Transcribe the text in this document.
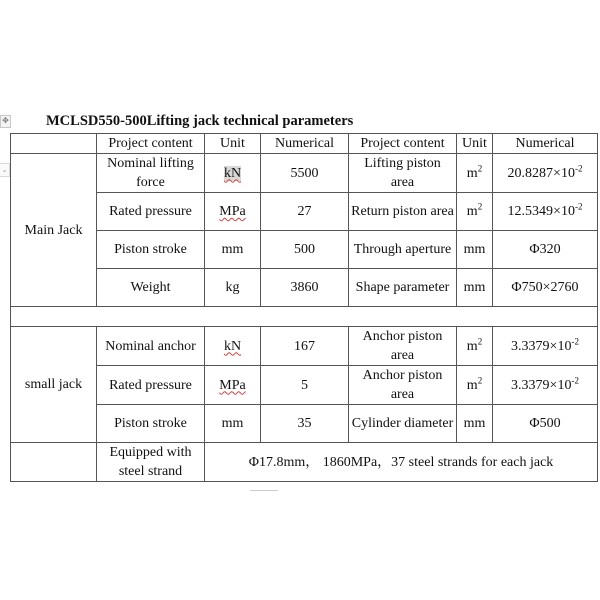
✥
⌄
MCLSD550-500Lifting jack technical parameters
	Project content	Unit	Numerical	Project content	Unit	Numerical
Main Jack	Nominal lifting force	kN	5500	Lifting piston area	$m^2$	$20.8287\times 10^{-2}$
	Rated pressure	MPa	27	Return piston area	$m^2$	$12.5349\times 10^{-2}$
	Piston stroke	mm	500	Through aperture	mm	Φ320
	Weight	kg	3860	Shape parameter	mm	Φ750×2760

small jack	Nominal anchor	kN	167	Anchor piston area	$m^2$	$3.3379\times 10^{-2}$
	Rated pressure	MPa	5	Anchor piston area	$m^2$	$3.3379\times 10^{-2}$
	Piston stroke	mm	35	Cylinder diameter	mm	Φ500
	Equipped with steel strand	Φ17.8mm， 1860MPa，37 steel strands for each jack				
